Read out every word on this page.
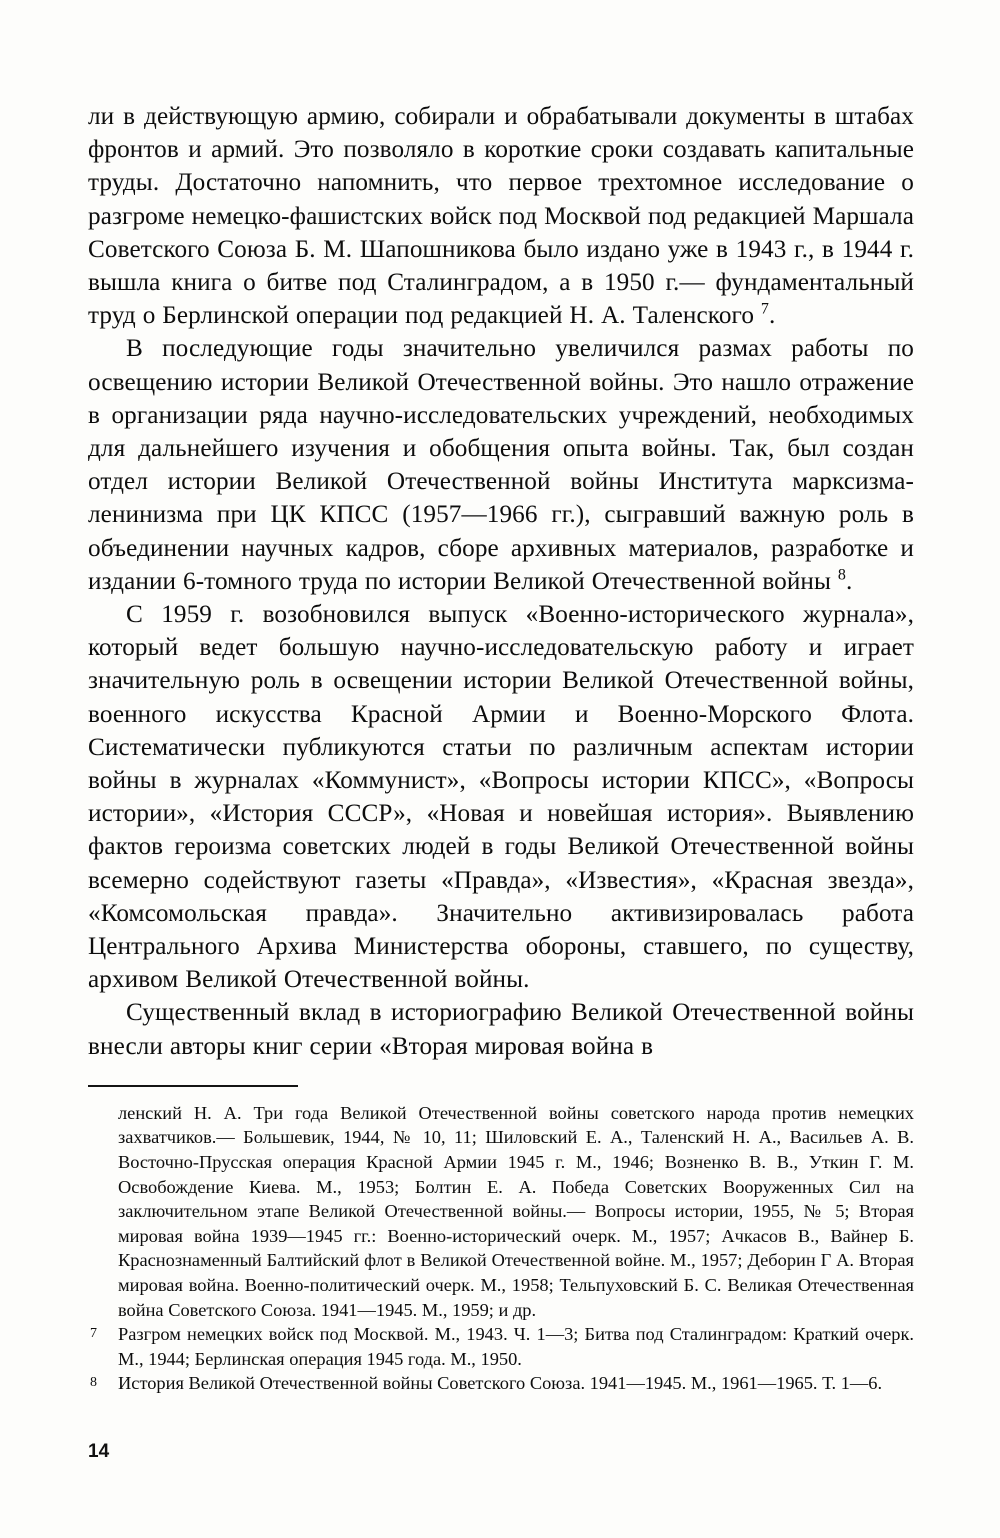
ли в действующую армию, собирали и обрабатывали документы в штабах фронтов и армий. Это позволяло в короткие сроки создавать капитальные труды. Достаточно напомнить, что первое трехтомное исследование о разгроме немецко-фашистских войск под Москвой под редакцией Маршала Советского Союза Б. М. Шапошникова было издано уже в 1943 г., в 1944 г. вышла книга о битве под Сталинградом, а в 1950 г.— фундаментальный труд о Берлинской операции под редакцией Н. А. Таленского $^7$.

В последующие годы значительно увеличился размах работы по освещению истории Великой Отечественной войны. Это нашло отражение в организации ряда научно-исследовательских учреждений, необходимых для дальнейшего изучения и обобщения опыта войны. Так, был создан отдел истории Великой Отечественной войны Института марксизма-ленинизма при ЦК КПСС (1957—1966 гг.), сыгравший важную роль в объединении научных кадров, сборе архивных материалов, разработке и издании 6-томного труда по истории Великой Отечественной войны $^8$.

С 1959 г. возобновился выпуск «Военно-исторического журнала», который ведет большую научно-исследовательскую работу и играет значительную роль в освещении истории Великой Отечественной войны, военного искусства Красной Армии и Военно-Морского Флота. Систематически публикуются статьи по различным аспектам истории войны в журналах «Коммунист», «Вопросы истории КПСС», «Вопросы истории», «История СССР», «Новая и новейшая история». Выявлению фактов героизма советских людей в годы Великой Отечественной войны всемерно содействуют газеты «Правда», «Известия», «Красная звезда», «Комсомольская правда». Значительно активизировалась работа Центрального Архива Министерства обороны, ставшего, по существу, архивом Великой Отечественной войны.

Существенный вклад в историографию Великой Отечественной войны внесли авторы книг серии «Вторая мировая война в

ленский Н. А. Три года Великой Отечественной войны советского народа против немецких захватчиков.— Большевик, 1944, № 10, 11; Шиловский Е. А., Таленский Н. А., Васильев А. В. Восточно-Прусская операция Красной Армии 1945 г. М., 1946; Возненко В. В., Уткин Г. М. Освобождение Киева. М., 1953; Болтин Е. А. Победа Советских Вооруженных Сил на заключительном этапе Великой Отечественной войны.— Вопросы истории, 1955, № 5; Вторая мировая война 1939—1945 гг.: Военно-исторический очерк. М., 1957; Ачкасов В., Вайнер Б. Краснознаменный Балтийский флот в Великой Отечественной войне. М., 1957; Деборин Г А. Вторая мировая война. Военно-политический очерк. М., 1958; Тельпуховский Б. С. Великая Отечественная война Советского Союза. 1941—1945. М., 1959; и др.

7 Разгром немецких войск под Москвой. М., 1943. Ч. 1—3; Битва под Сталинградом: Краткий очерк. М., 1944; Берлинская операция 1945 года. М., 1950.

8 История Великой Отечественной войны Советского Союза. 1941—1945. М., 1961—1965. Т. 1—6.

14
